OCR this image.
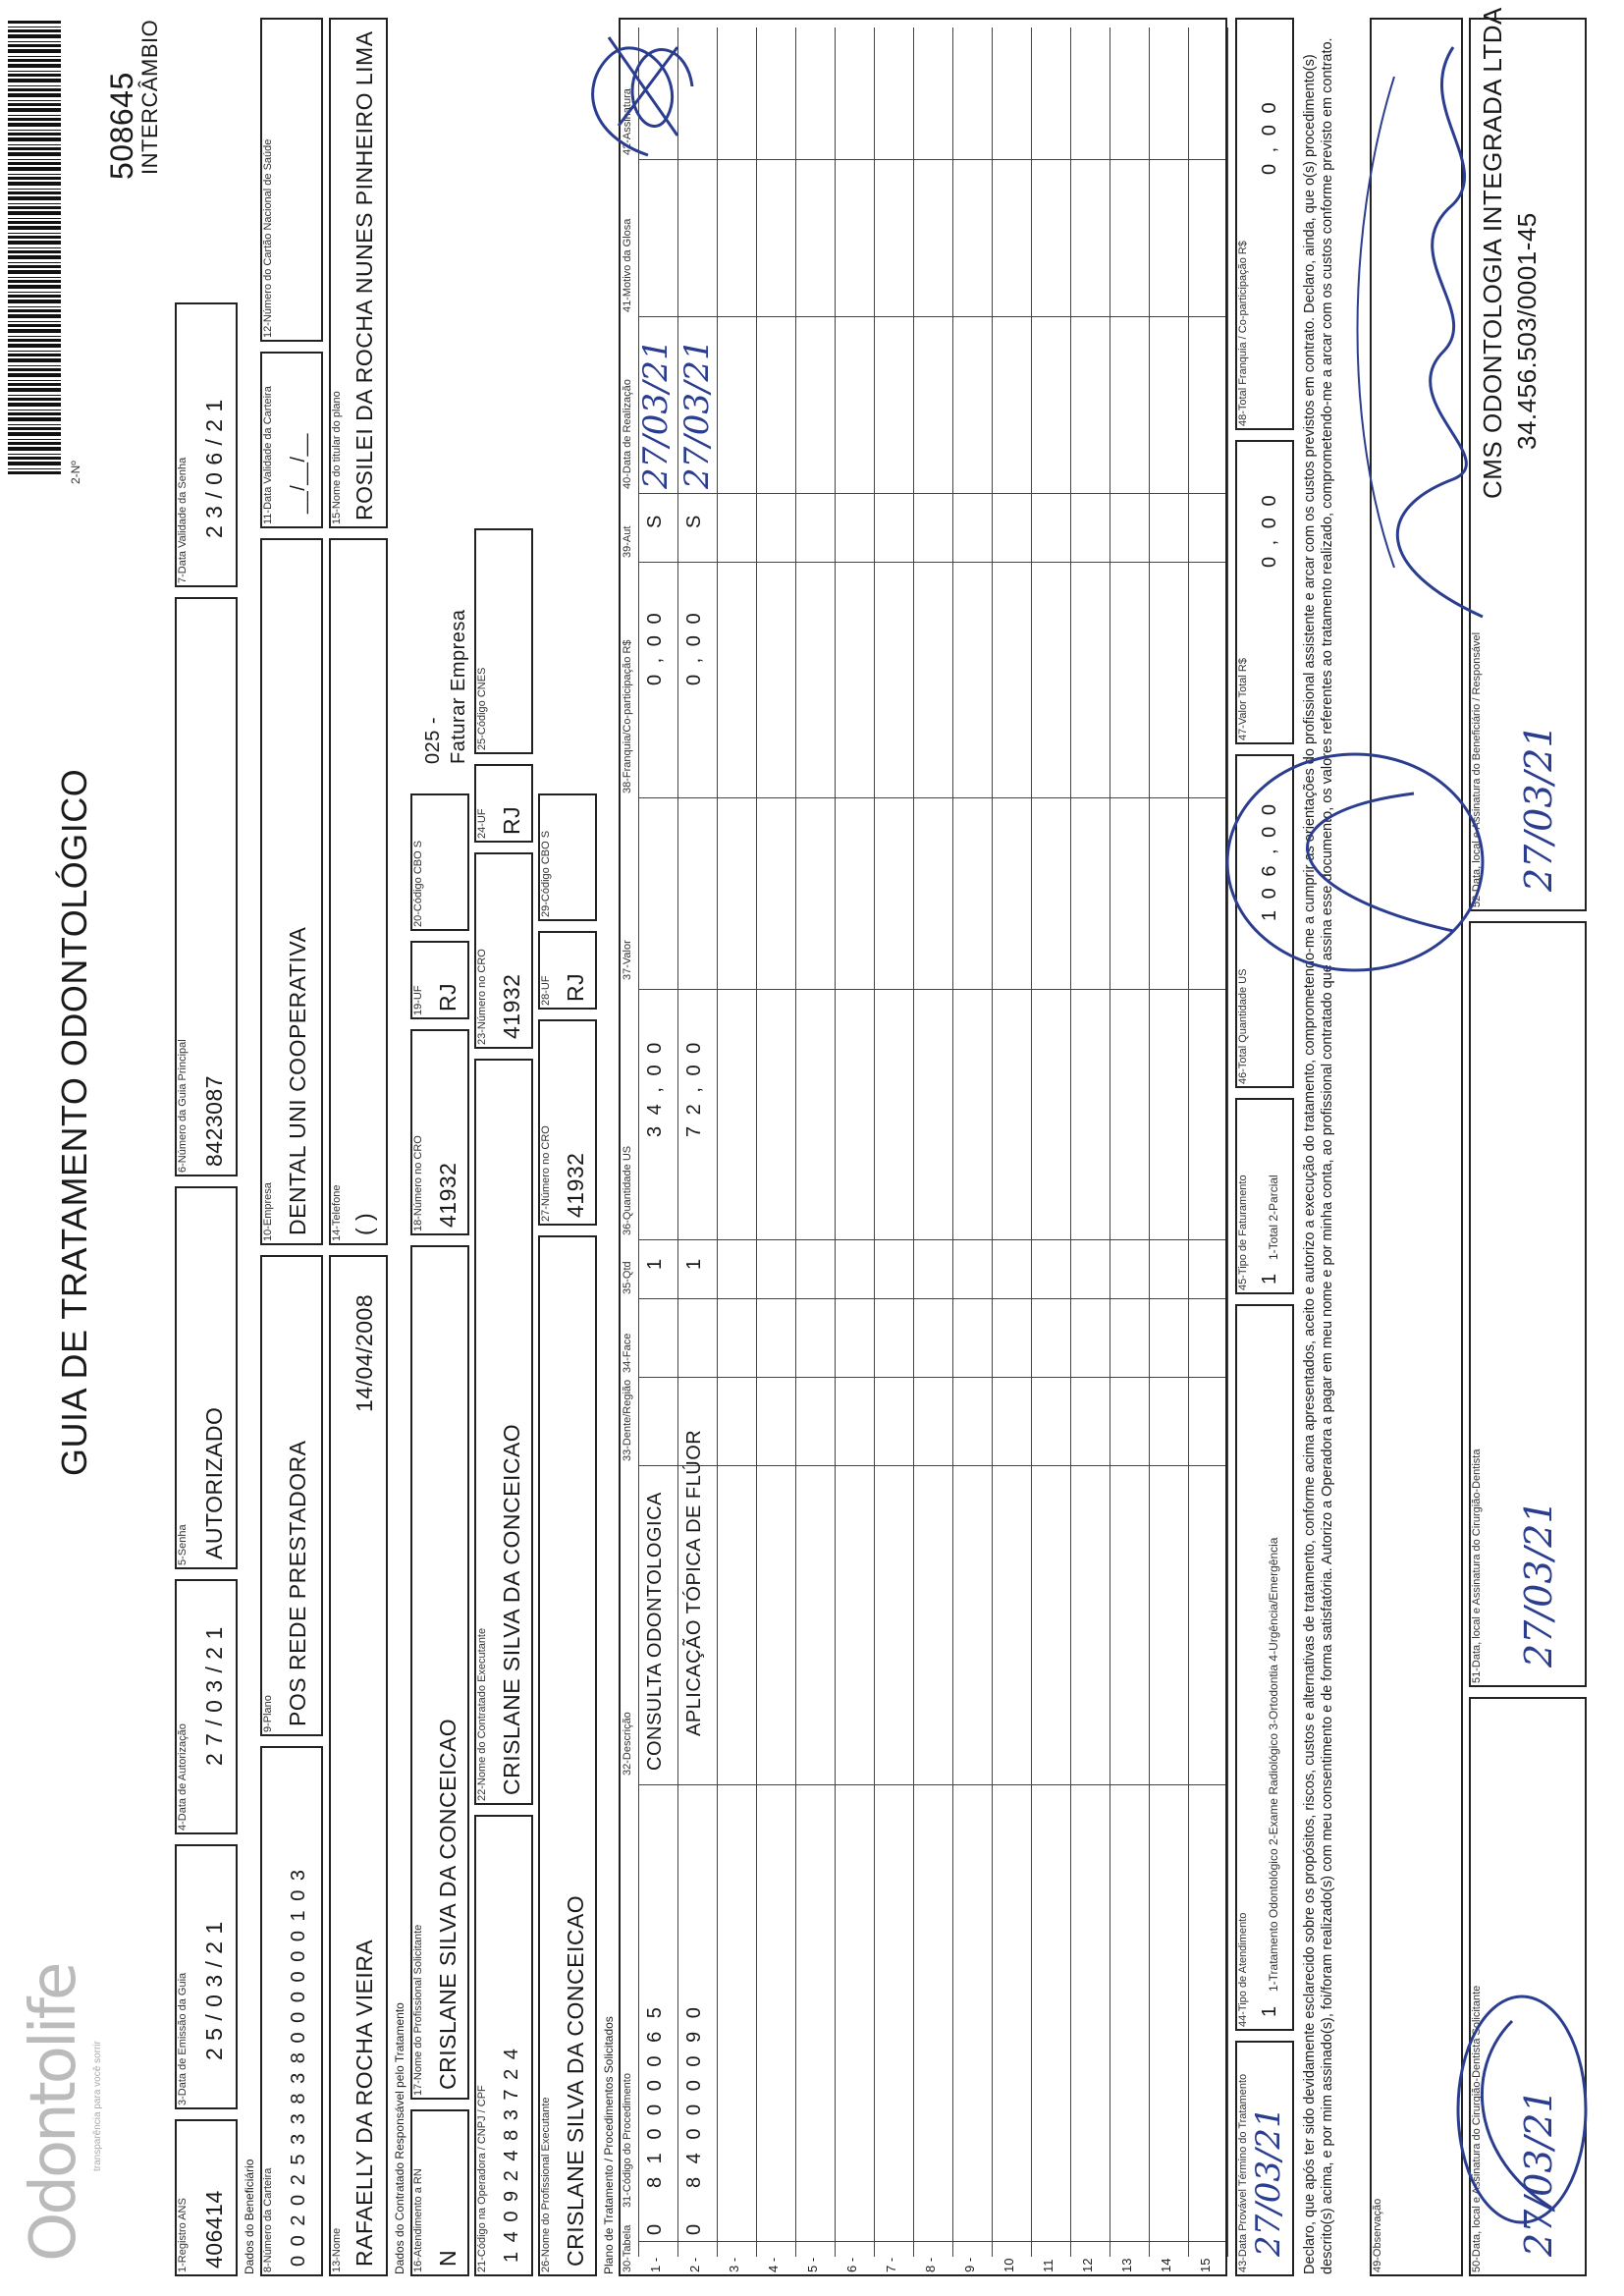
Odontolife transparência para você sorrir
GUIA DE TRATAMENTO ODONTOLÓGICO
2-Nº
508645
INTERCÂMBIO
1-Registro ANS 406414
3-Data de Emissão da Guia 2 5 / 0 3 / 2 1
4-Data de Autorização
2 7 / 0 3 / 2 1
5-Senha AUTORIZADO
6-Número da Guia Principal 8423087
7-Data Validade da Senha 2 3 / 0 6 / 2 1
Dados do Beneficiário 8-Número da Carteira 0 0 2 0 2 5 3 3 8 3 8 0 0 0 0 0 0 1 0 3
9-Plano POS REDE PRESTADORA
10-Empresa DENTAL UNI COOPERATIVA
11-Data Validade da Carteira __/__/__
12-Número do Cartão Nacional de Saúde
13-Nome RAFAELLY DA ROCHA VIEIRA
14/04/2008
14-Telefone ( )
15-Nome do titular do plano ROSILEI DA ROCHA NUNES PINHEIRO LIMA
Dados do Contratado Responsável pelo Tratamento 16-Atendimento a RN N
17-Nome do Profissional Solicitante CRISLANE SILVA DA CONCEICAO
18-Número no CRO 41932
19-UF RJ
20-Código CBO S
025 - Faturar Empresa
21-Código na Operadora / CNPJ / CPF 1 4 0 9 2 4 8 3 7 2 4
22-Nome do Contratado Executante CRISLANE SILVA DA CONCEICAO
23-Número no CRO 41932
24-UF RJ
25-Código CNES
26-Nome do Profissional Executante CRISLANE SILVA DA CONCEICAO
27-Número no CRO 41932
28-UF RJ
29-Código CBO S
Plano de Tratamento / Procedimentos Solicitados 30-Tabela
31-Código do Procedimento
32-Descrição
33-Dente/Região
34-Face
35-Qtd
36-Quantidade US
37-Valor
38-Franquia/Co-participação R$
39-Aut
40-Data de Realização
41-Motivo da Glosa
42-Assinatura
1 - 2 - 3 - 4 - 5 - 6 - 7 - 8 - 9 - 10 11 12 13 14 15
0
8 1 0 0 0 0 6 5
CONSULTA ODONTOLOGICA
1
3 4 , 0 0
0 , 0 0
S
0
8 4 0 0 0 0 9 0
APLICAÇÃO TÓPICA DE FLÚOR
1
7 2 , 0 0
0 , 0 0
S
27/03/21 27/03/21
43-Data Provável Término do Tratamento
44-Tipo de Atendimento 1
1-Tratamento Odontológico 2-Exame Radiológico 3-Ortodontia 4-Urgência/Emergência
45-Tipo de Faturamento 1
1-Total 2-Parcial
46-Total Quantidade US
1 0 6 , 0 0
47-Valor Total R$
0 , 0 0
48-Total Franquia / Co-participação R$
0 , 0 0
27/03/21 Declaro, que após ter sido devidamente esclarecido sobre os propósitos, riscos, custos e alternativas de tratamento, conforme acima apresentados, aceito e autorizo a execução do tratamento, comprometendo-me a cumprir as orientações do profissional assistente e arcar com os custos previstos em contrato. Declaro, ainda, que o(s) procedimento(s) descrito(s) acima, e por mim assinado(s), foi/foram realizado(s) com meu consentimento e de forma satisfatória. Autorizo a Operadora a pagar em meu nome e por minha conta, ao profissional contratado que assina esse documento, os valores referentes ao tratamento realizado, comprometendo-me a arcar com os custos conforme previsto em contrato.	49-Observação	50-Data, local e Assinatura do Cirurgião-Dentista Solicitante
51-Data, local e Assinatura do Cirurgião-Dentista
52-Data, local e Assinatura do Beneficiário / Responsável
27/03/21
27/03/21
27/03/21
CMS ODONTOLOGIA INTEGRADA LTDA 34.456.503/0001-45
